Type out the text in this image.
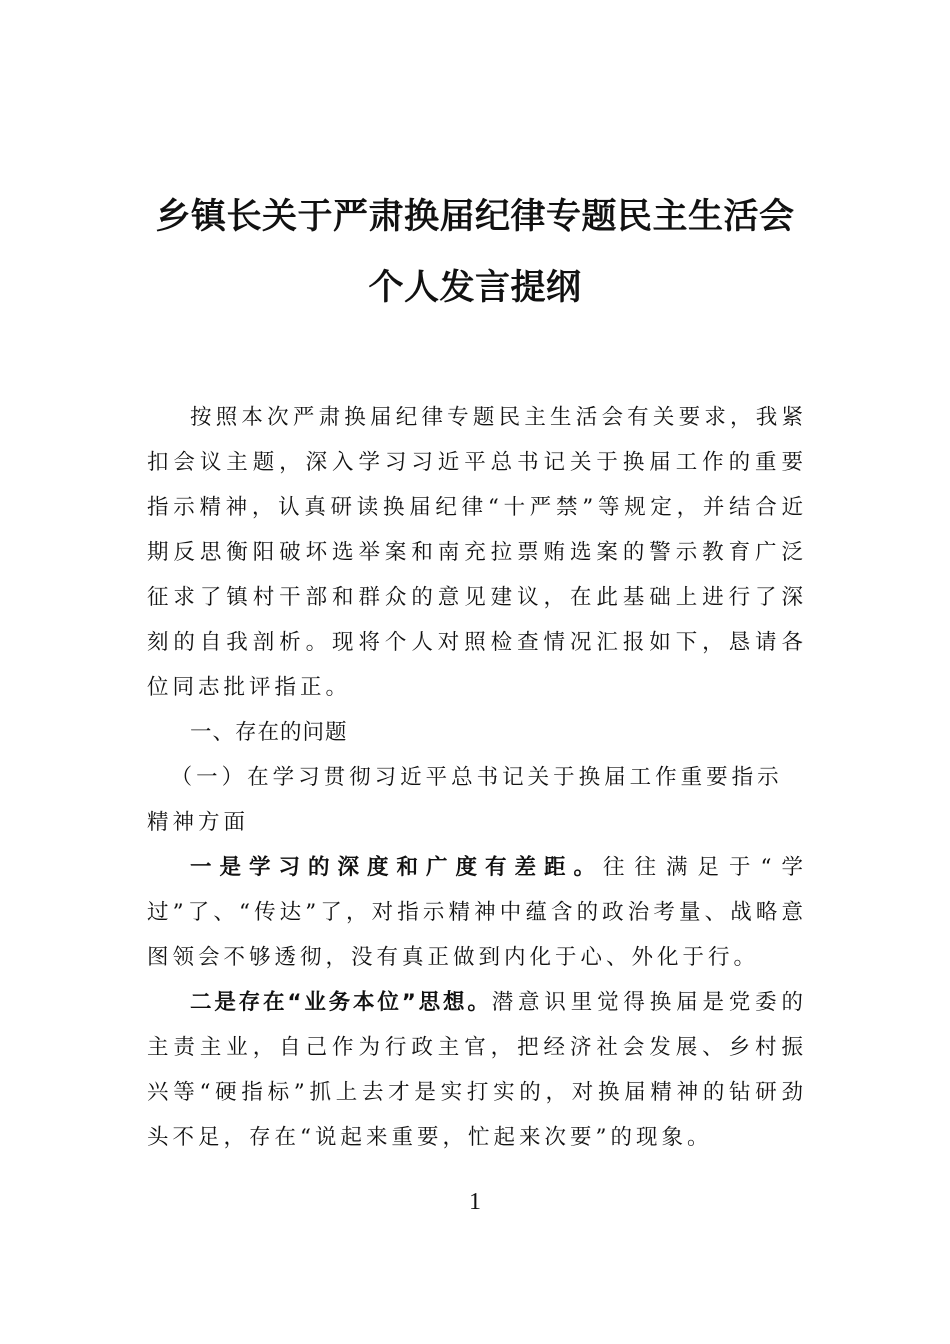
乡镇长关于严肃换届纪律专题民主生活会
个人发言提纲

按照本次严肃换届纪律专题民主生活会有关要求，我紧扣会议主题，深入学习习近平总书记关于换届工作的重要指示精神，认真研读换届纪律“十严禁”等规定，并结合近期反思衡阳破坏选举案和南充拉票贿选案的警示教育广泛征求了镇村干部和群众的意见建议，在此基础上进行了深刻的自我剖析。现将个人对照检查情况汇报如下，恳请各位同志批评指正。

一、存在的问题

（一）在学习贯彻习近平总书记关于换届工作重要指示精神方面

一是学习的深度和广度有差距。往往满足于“学过”了、“传达”了，对指示精神中蕴含的政治考量、战略意图领会不够透彻，没有真正做到内化于心、外化于行。

二是存在“业务本位”思想。潜意识里觉得换届是党委的主责主业，自己作为行政主官，把经济社会发展、乡村振兴等“硬指标”抓上去才是实打实的，对换届精神的钻研劲头不足，存在“说起来重要，忙起来次要”的现象。

1
